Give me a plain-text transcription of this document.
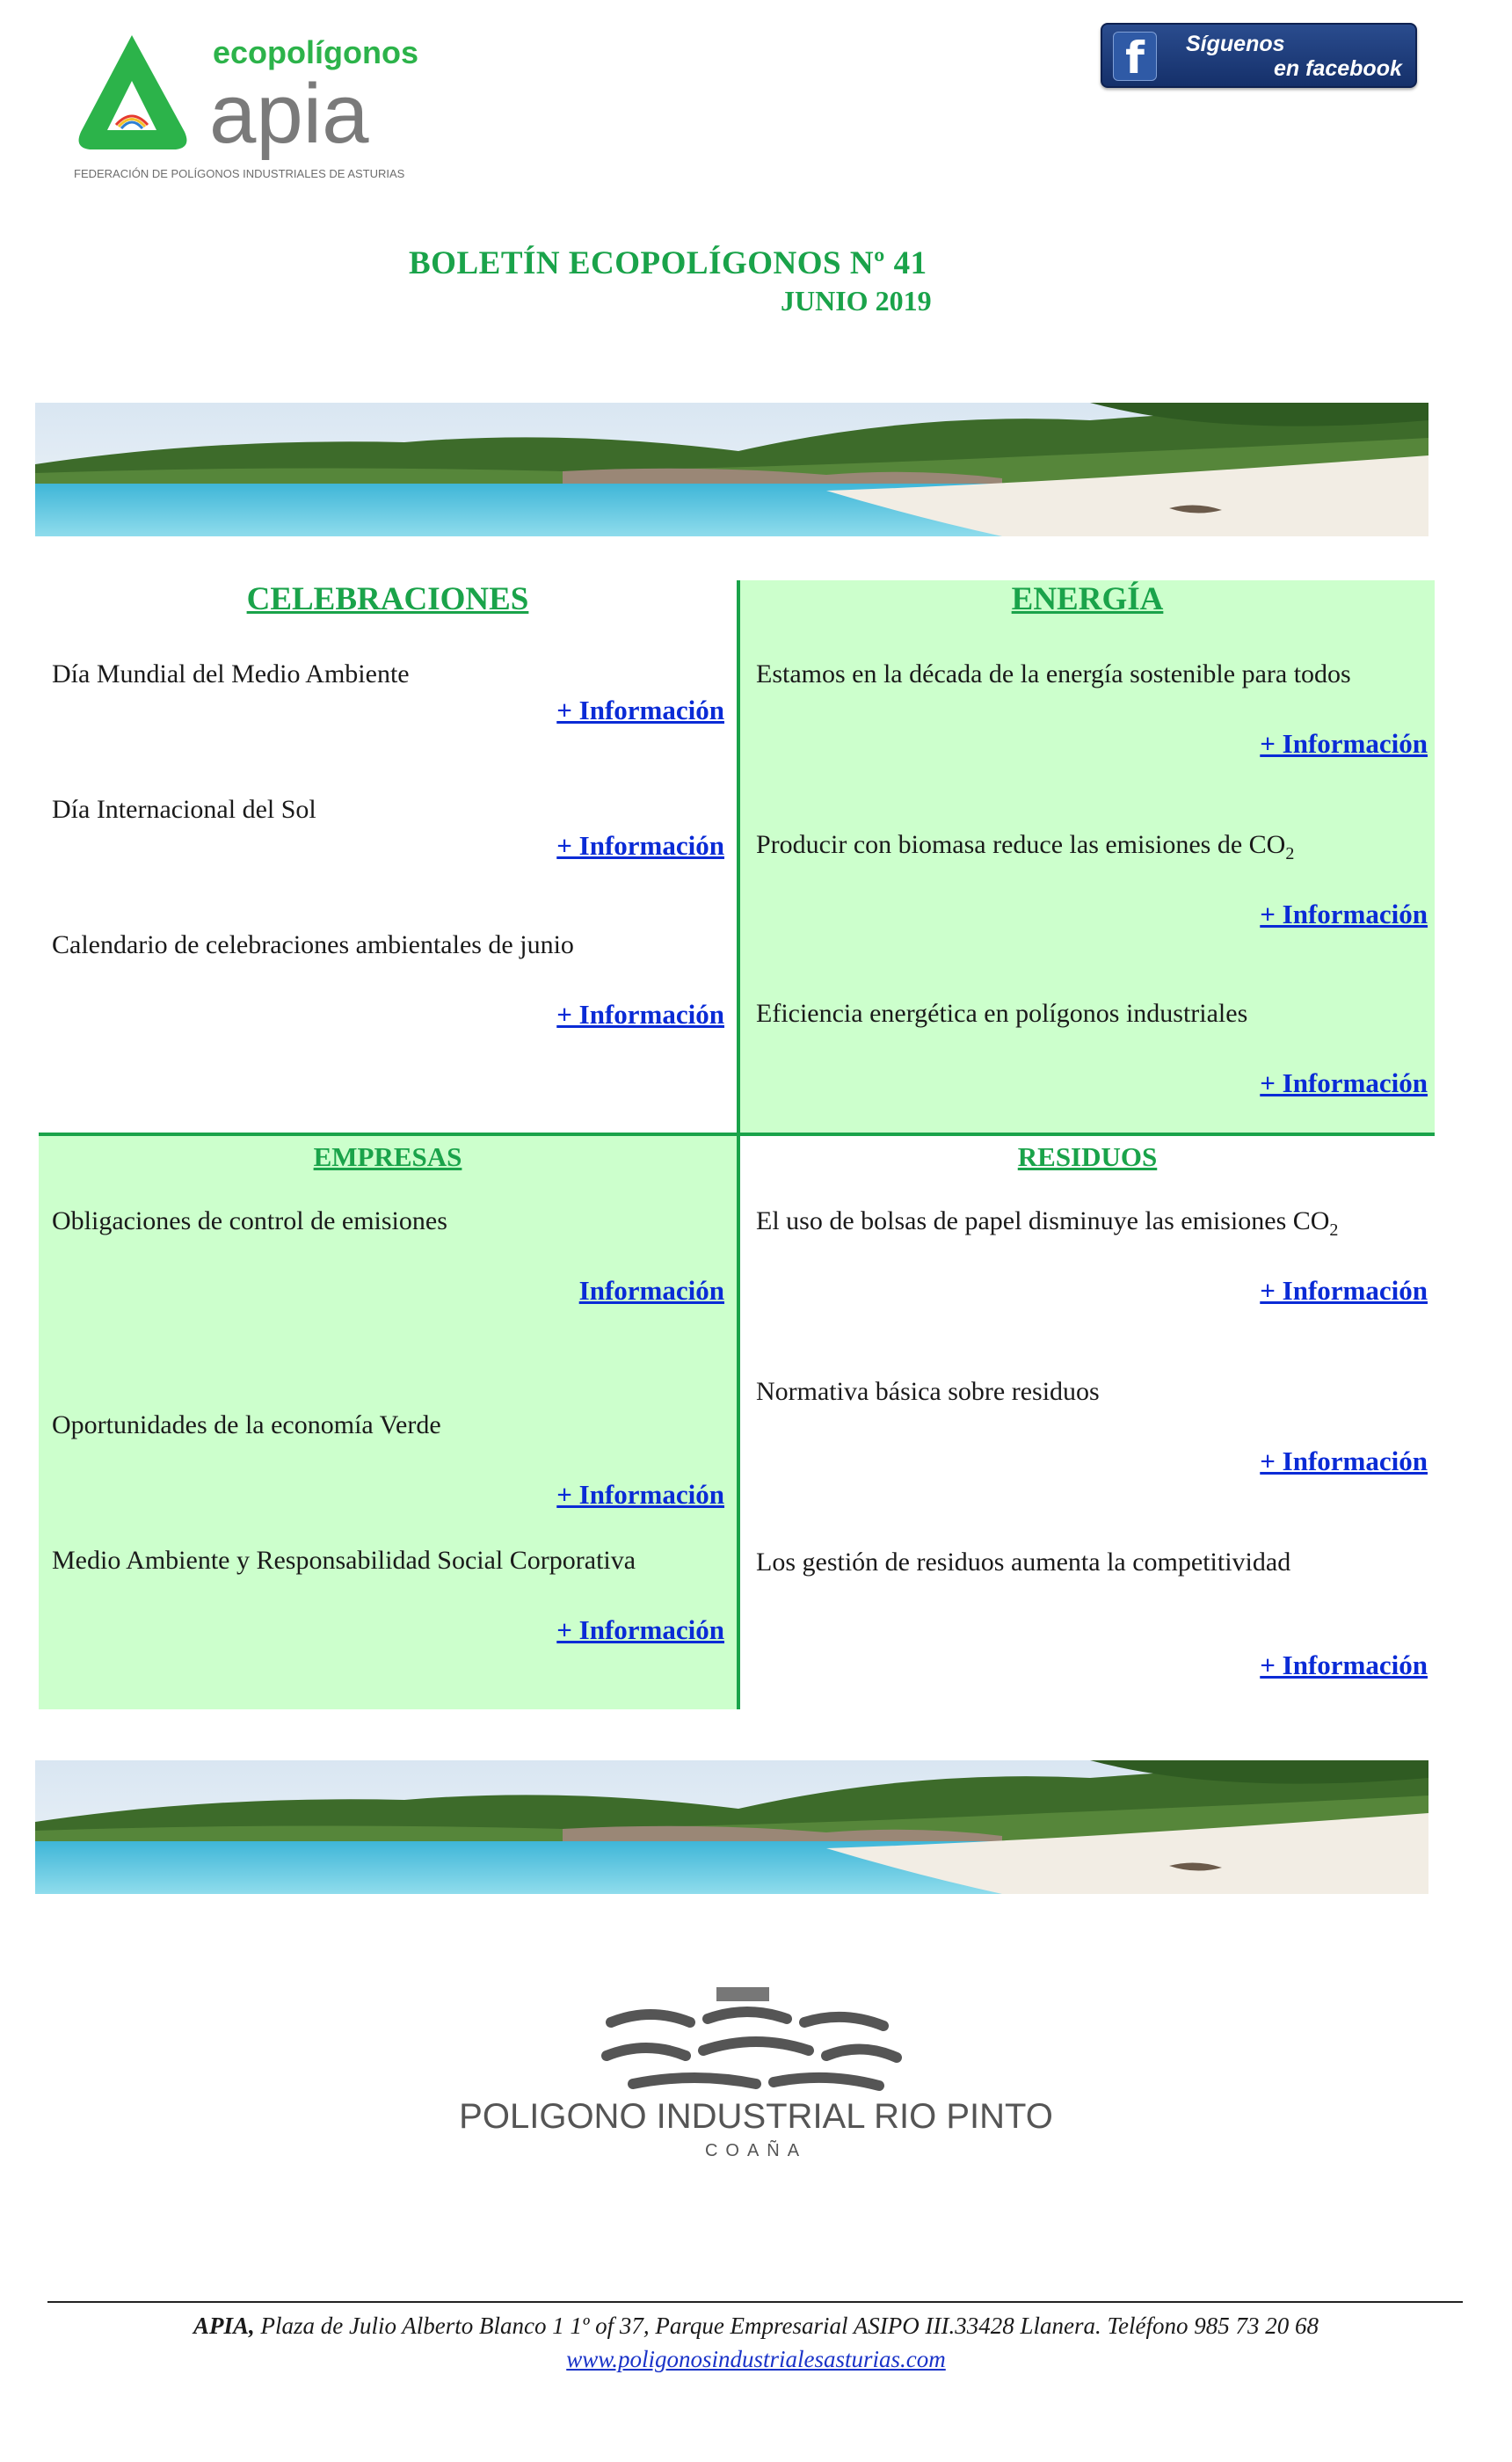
ecopolígonos
apia
FEDERACIÓN DE POLÍGONOS INDUSTRIALES DE ASTURIAS
f	Síguenos
en facebook
BOLETÍN ECOPOLÍGONOS Nº 41
JUNIO 2019
CELEBRACIONES
Día Mundial del Medio Ambiente
+ Información
Día Internacional del Sol
+ Información
Calendario de celebraciones ambientales de junio
+ Información
ENERGÍA
Estamos en la década de la energía sostenible para todos
+ Información
Producir con biomasa reduce las emisiones de $CO_2$
+ Información
Eficiencia energética en polígonos industriales
+ Información
EMPRESAS
Obligaciones de control de emisiones
Información
Oportunidades de la economía Verde
+ Información
Medio Ambiente y Responsabilidad Social Corporativa
+ Información
RESIDUOS
El uso de bolsas de papel disminuye las emisiones $CO_2$
+ Información
Normativa básica sobre residuos
+ Información
Los gestión de residuos aumenta la competitividad
+ Información
POLIGONO INDUSTRIAL RIO PINTO
COAÑA
APIA, Plaza de Julio Alberto Blanco 1 1º of 37, Parque Empresarial ASIPO III.33428 Llanera. Teléfono 985 73 20 68
www.poligonosindustrialesasturias.com
